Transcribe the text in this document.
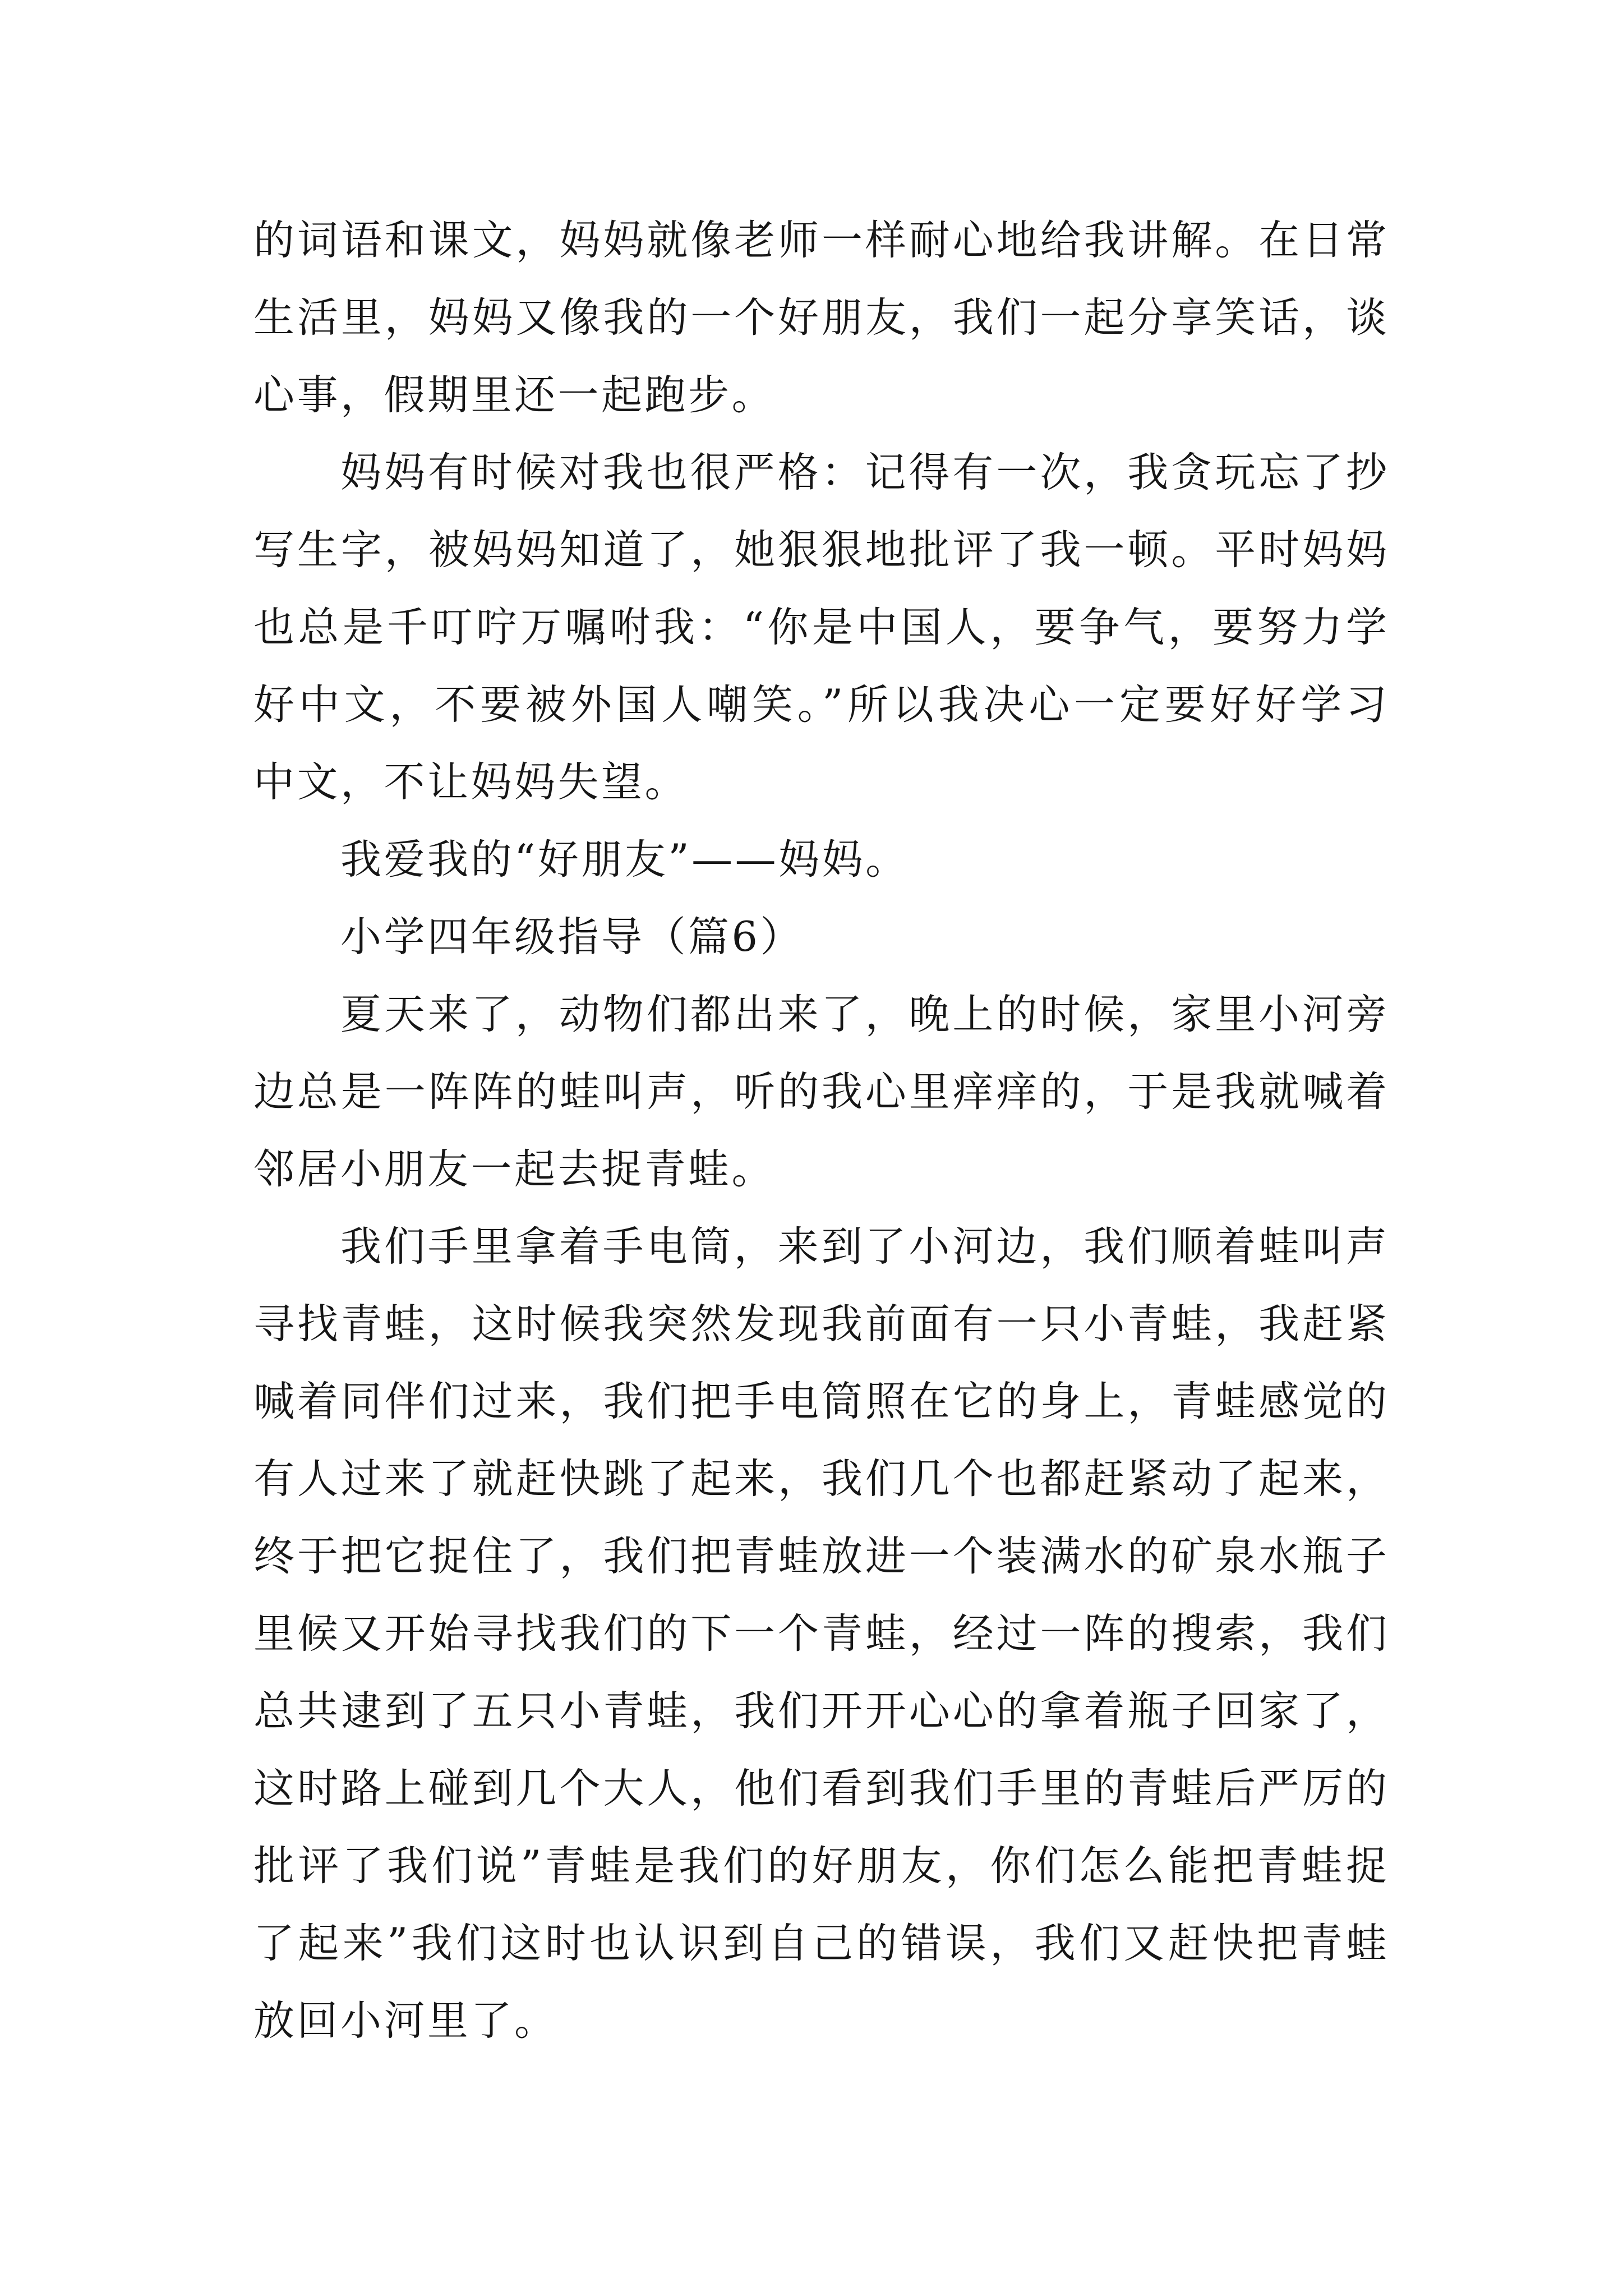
的词语和课文，妈妈就像老师一样耐心地给我讲解。在日常
生活里，妈妈又像我的一个好朋友，我们一起分享笑话，谈
心事，假期里还一起跑步。
妈妈有时候对我也很严格：记得有一次，我贪玩忘了抄
写生字，被妈妈知道了，她狠狠地批评了我一顿。平时妈妈
也总是千叮咛万嘱咐我：“你是中国人，要争气，要努力学
好中文，不要被外国人嘲笑。”所以我决心一定要好好学习
中文，不让妈妈失望。
我爱我的“好朋友”——妈妈。
小学四年级指导（篇6）
夏天来了，动物们都出来了，晚上的时候，家里小河旁
边总是一阵阵的蛙叫声，听的我心里痒痒的，于是我就喊着
邻居小朋友一起去捉青蛙。
我们手里拿着手电筒，来到了小河边，我们顺着蛙叫声
寻找青蛙，这时候我突然发现我前面有一只小青蛙，我赶紧
喊着同伴们过来，我们把手电筒照在它的身上，青蛙感觉的
有人过来了就赶快跳了起来，我们几个也都赶紧动了起来，
终于把它捉住了，我们把青蛙放进一个装满水的矿泉水瓶子
里候又开始寻找我们的下一个青蛙，经过一阵的搜索，我们
总共逮到了五只小青蛙，我们开开心心的拿着瓶子回家了，
这时路上碰到几个大人，他们看到我们手里的青蛙后严厉的
批评了我们说”青蛙是我们的好朋友，你们怎么能把青蛙捉
了起来”我们这时也认识到自己的错误，我们又赶快把青蛙
放回小河里了。
